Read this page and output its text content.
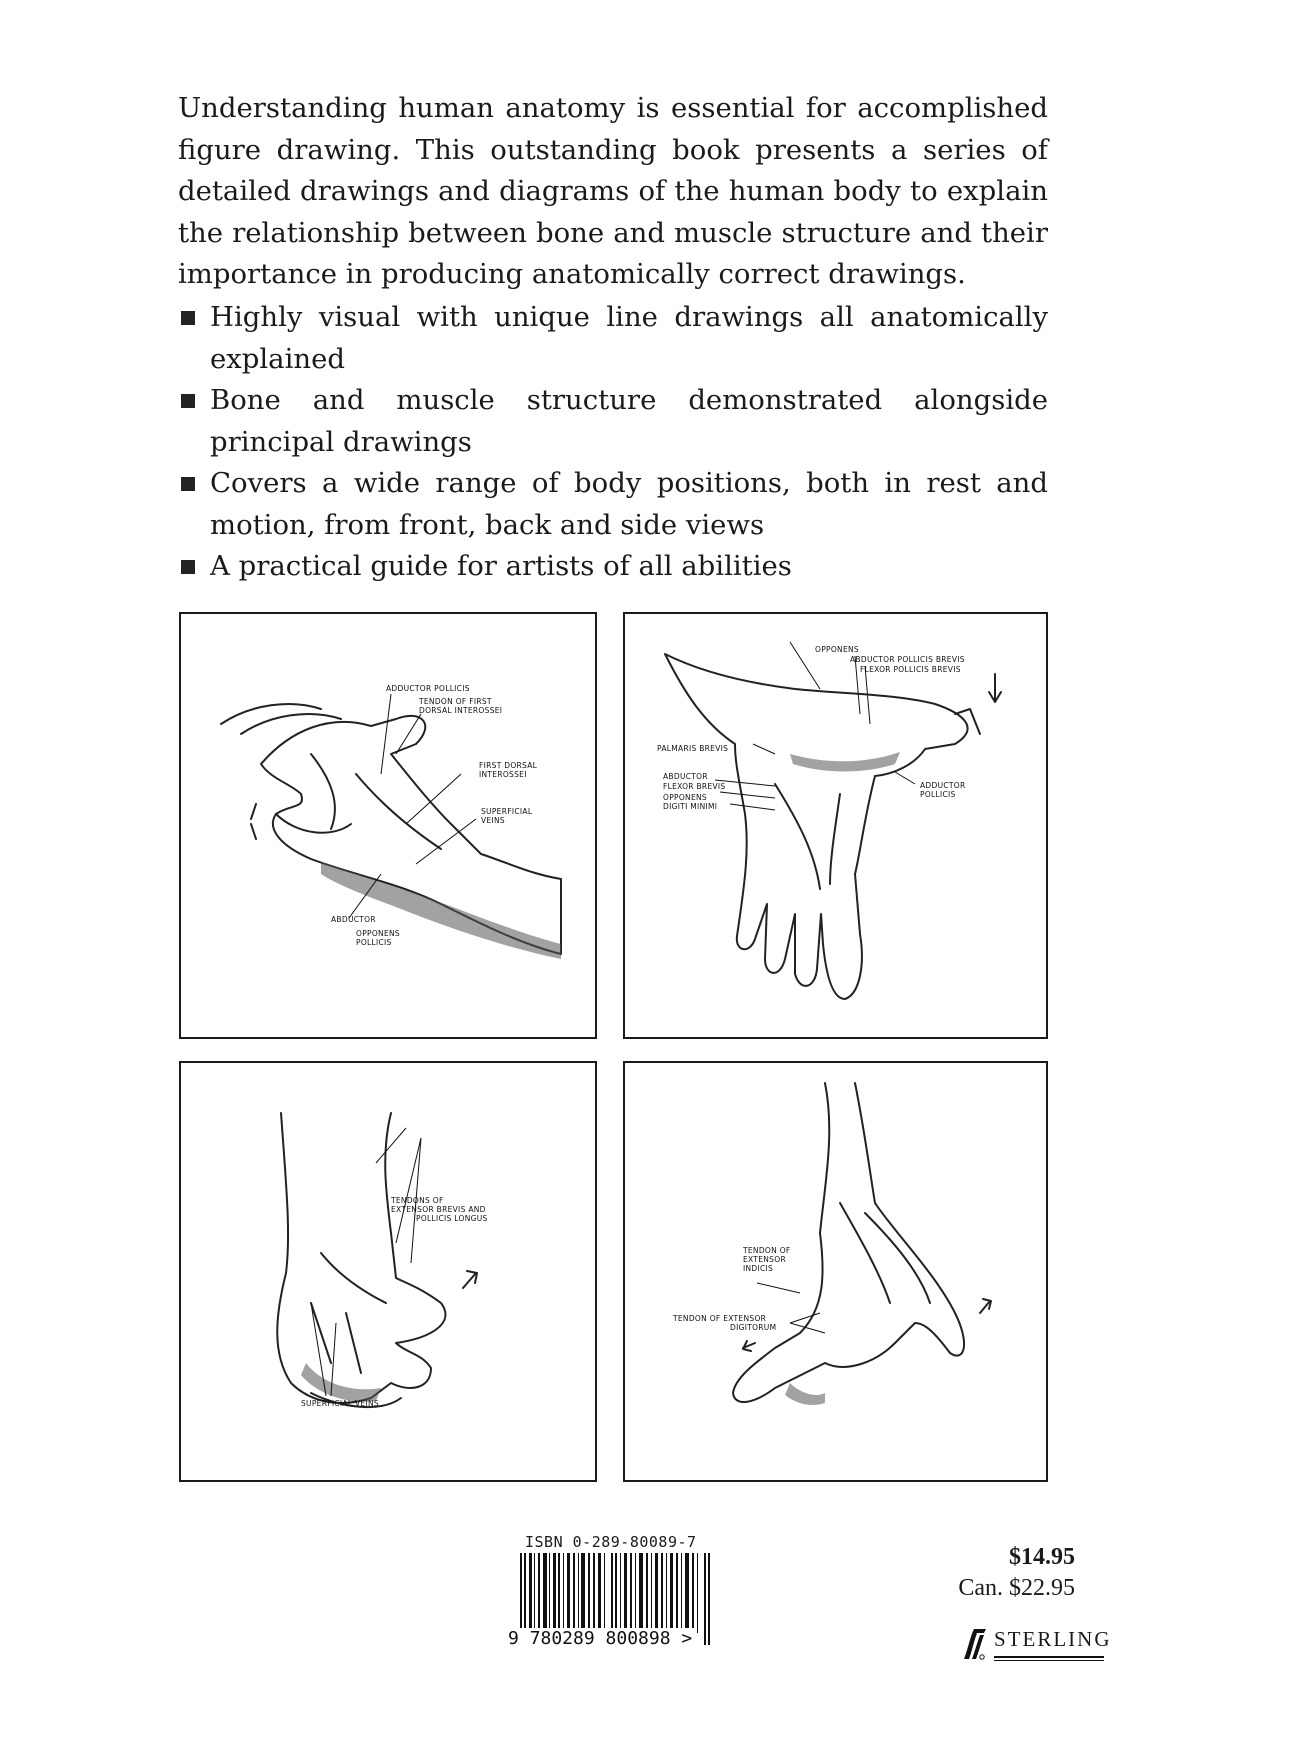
Understanding human anatomy is essential for accomplished figure drawing. This outstanding book presents a series of detailed drawings and diagrams of the human body to explain the relationship between bone and muscle structure and their importance in producing anatomically correct drawings.

Highly visual with unique line drawings all anatomically explained
Bone and muscle structure demonstrated alongside principal drawings
Covers a wide range of body positions, both in rest and motion, from front, back and side views
A practical guide for artists of all abilities
ADDUCTOR POLLICIS
TENDON OF FIRST
DORSAL INTEROSSEI
FIRST DORSAL
INTEROSSEI
SUPERFICIAL
VEINS
ABDUCTOR
OPPONENS
POLLICIS
OPPONENS
ABDUCTOR POLLICIS BREVIS
FLEXOR POLLICIS BREVIS
PALMARIS BREVIS
ABDUCTOR
FLEXOR BREVIS
OPPONENS
DIGITI MINIMI
ADDUCTOR
POLLICIS
TENDONS OF
EXTENSOR BREVIS AND
POLLICIS LONGUS
SUPERFICIAL VEINS
TENDON OF
EXTENSOR
INDICIS
TENDON OF EXTENSOR
DIGITORUM
ISBN 0-289-80089-7
9 780289 800898 >
$14.95
Can. $22.95
STERLING
